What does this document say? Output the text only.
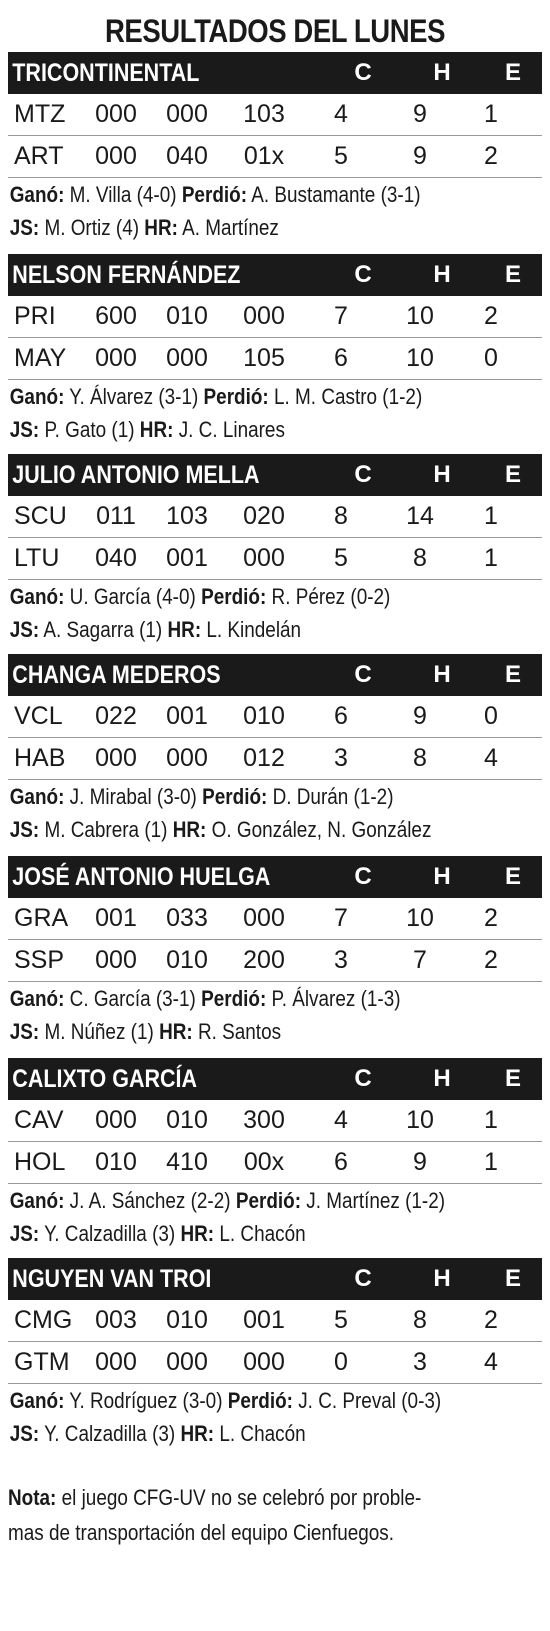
RESULTADOS DEL LUNES
TRICONTINENTAL	C	H	E
MTZ	000	000	103	4	9	1
ART	000	040	01x	5	9	2
Ganó: M. Villa (4-0) Perdió: A. Bustamante (3-1)
JS: M. Ortiz (4) HR: A. Martínez
NELSON FERNÁNDEZ	C	H	E
PRI	600	010	000	7	10	2
MAY	000	000	105	6	10	0
Ganó: Y. Álvarez (3-1) Perdió: L. M. Castro (1-2)
JS: P. Gato (1) HR: J. C. Linares
JULIO ANTONIO MELLA	C	H	E
SCU	011	103	020	8	14	1
LTU	040	001	000	5	8	1
Ganó: U. García (4-0) Perdió: R. Pérez (0-2)
JS: A. Sagarra (1) HR: L. Kindelán
CHANGA MEDEROS	C	H	E
VCL	022	001	010	6	9	0
HAB	000	000	012	3	8	4
Ganó: J. Mirabal (3-0) Perdió: D. Durán (1-2)
JS: M. Cabrera (1) HR: O. González, N. González
JOSÉ ANTONIO HUELGA	C	H	E
GRA	001	033	000	7	10	2
SSP	000	010	200	3	7	2
Ganó: C. García (3-1) Perdió: P. Álvarez (1-3)
JS: M. Núñez (1) HR: R. Santos
CALIXTO GARCÍA	C	H	E
CAV	000	010	300	4	10	1
HOL	010	410	00x	6	9	1
Ganó: J. A. Sánchez (2-2) Perdió: J. Martínez (1-2)
JS: Y. Calzadilla (3) HR: L. Chacón
NGUYEN VAN TROI	C	H	E
CMG 003	010	001	5	8	2
GTM	000	000	000	0	3	4
Ganó: Y. Rodríguez (3-0) Perdió: J. C. Preval (0-3)
JS: Y. Calzadilla (3) HR: L. Chacón
Nota: el juego CFG-UV no se celebró por proble-
mas de transportación del equipo Cienfuegos.
